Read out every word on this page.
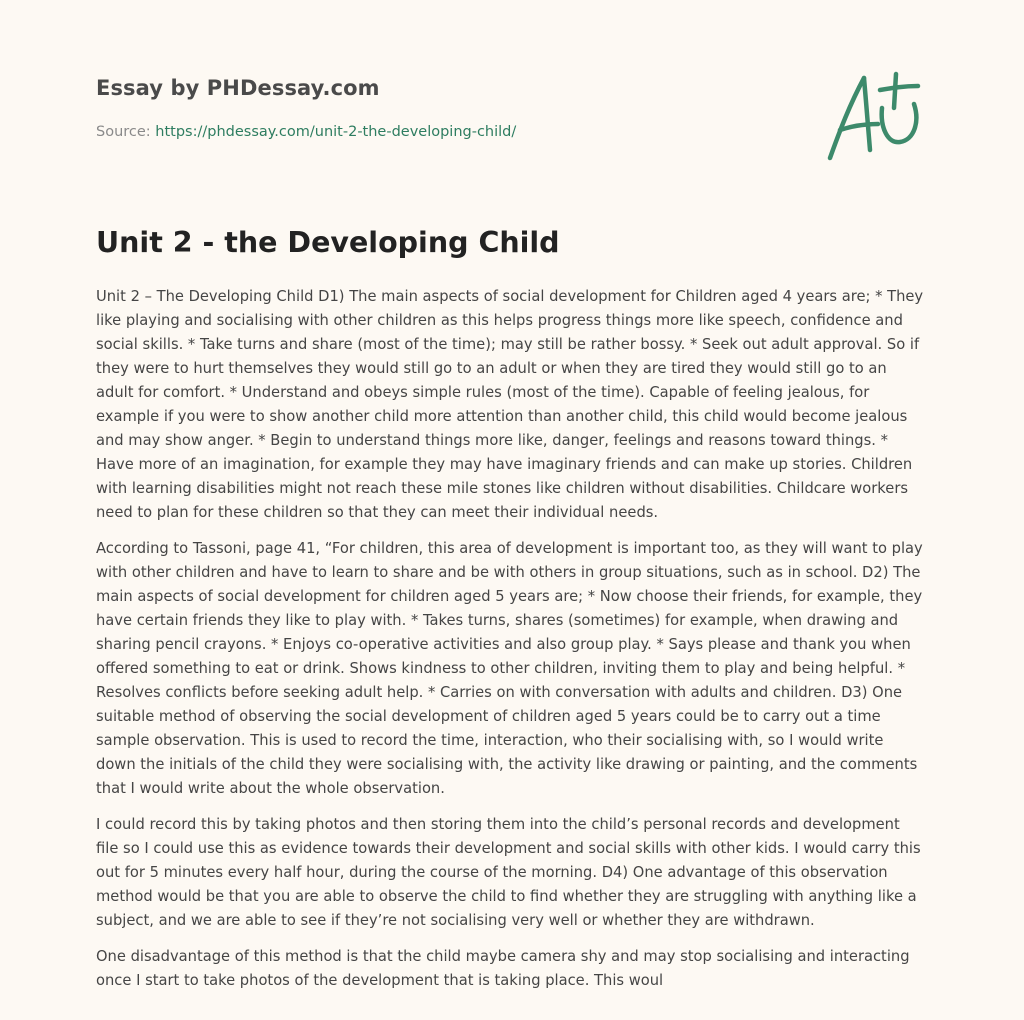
Essay by PHDessay.com
Source: https://phdessay.com/unit-2-the-developing-child/
Unit 2 - the Developing Child

Unit 2 – The Developing Child D1) The main aspects of social development for Children aged 4 years are; * They like playing and socialising with other children as this helps progress things more like speech, confidence and social skills. * Take turns and share (most of the time); may still be rather bossy. * Seek out adult approval. So if they were to hurt themselves they would still go to an adult or when they are tired they would still go to an adult for comfort. * Understand and obeys simple rules (most of the time). Capable of feeling jealous, for example if you were to show another child more attention than another child, this child would become jealous and may show anger. * Begin to understand things more like, danger, feelings and reasons toward things. * Have more of an imagination, for example they may have imaginary friends and can make up stories. Children with learning disabilities might not reach these mile stones like children without disabilities. Childcare workers need to plan for these children so that they can meet their individual needs.

According to Tassoni, page 41, “For children, this area of development is important too, as they will want to play with other children and have to learn to share and be with others in group situations, such as in school. D2) The main aspects of social development for children aged 5 years are; * Now choose their friends, for example, they have certain friends they like to play with. * Takes turns, shares (sometimes) for example, when drawing and sharing pencil crayons. * Enjoys co-operative activities and also group play. * Says please and thank you when offered something to eat or drink. Shows kindness to other children, inviting them to play and being helpful. * Resolves conflicts before seeking adult help. * Carries on with conversation with adults and children. D3) One suitable method of observing the social development of children aged 5 years could be to carry out a time sample observation. This is used to record the time, interaction, who their socialising with, so I would write down the initials of the child they were socialising with, the activity like drawing or painting, and the comments that I would write about the whole observation.

I could record this by taking photos and then storing them into the child’s personal records and development file so I could use this as evidence towards their development and social skills with other kids. I would carry this out for 5 minutes every half hour, during the course of the morning. D4) One advantage of this observation method would be that you are able to observe the child to find whether they are struggling with anything like a subject, and we are able to see if they’re not socialising very well or whether they are withdrawn.

One disadvantage of this method is that the child maybe camera shy and may stop socialising and interacting once I start to take photos of the development that is taking place. This woul
